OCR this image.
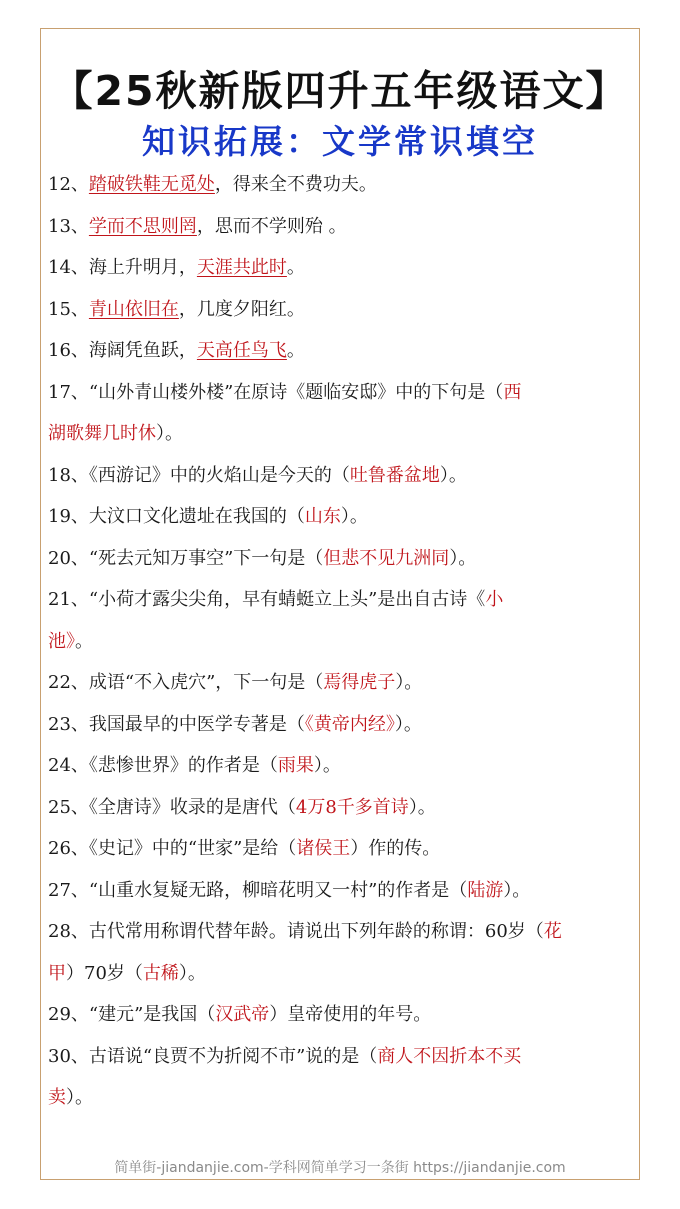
【25秋新版四升五年级语文】
知识拓展：文学常识填空
12、踏破铁鞋无觅处，得来全不费功夫。
13、学而不思则罔，思而不学则殆 。
14、海上升明月，天涯共此时。
15、青山依旧在，几度夕阳红。
16、海阔凭鱼跃，天高任鸟飞。
17、“山外青山楼外楼”在原诗《题临安邸》中的下句是（西
湖歌舞几时休）。
18、《西游记》中的火焰山是今天的（吐鲁番盆地）。
19、大汶口文化遗址在我国的（山东）。
20、“死去元知万事空”下一句是（但悲不见九洲同）。
21、“小荷才露尖尖角，早有蜻蜓立上头”是出自古诗《小
池》。
22、成语“不入虎穴”，下一句是（焉得虎子）。
23、我国最早的中医学专著是（《黄帝内经》）。
24、《悲惨世界》的作者是（雨果）。
25、《全唐诗》收录的是唐代（4万8千多首诗）。
26、《史记》中的“世家”是给（诸侯王）作的传。
27、“山重水复疑无路，柳暗花明又一村”的作者是（陆游）。
28、古代常用称谓代替年龄。请说出下列年龄的称谓：60岁（花
甲）70岁（古稀）。
29、“建元”是我国（汉武帝）皇帝使用的年号。
30、古语说“良贾不为折阅不市”说的是（商人不因折本不买
卖）。
简单街-jiandanjie.com-学科网简单学习一条街 https://jiandanjie.com
